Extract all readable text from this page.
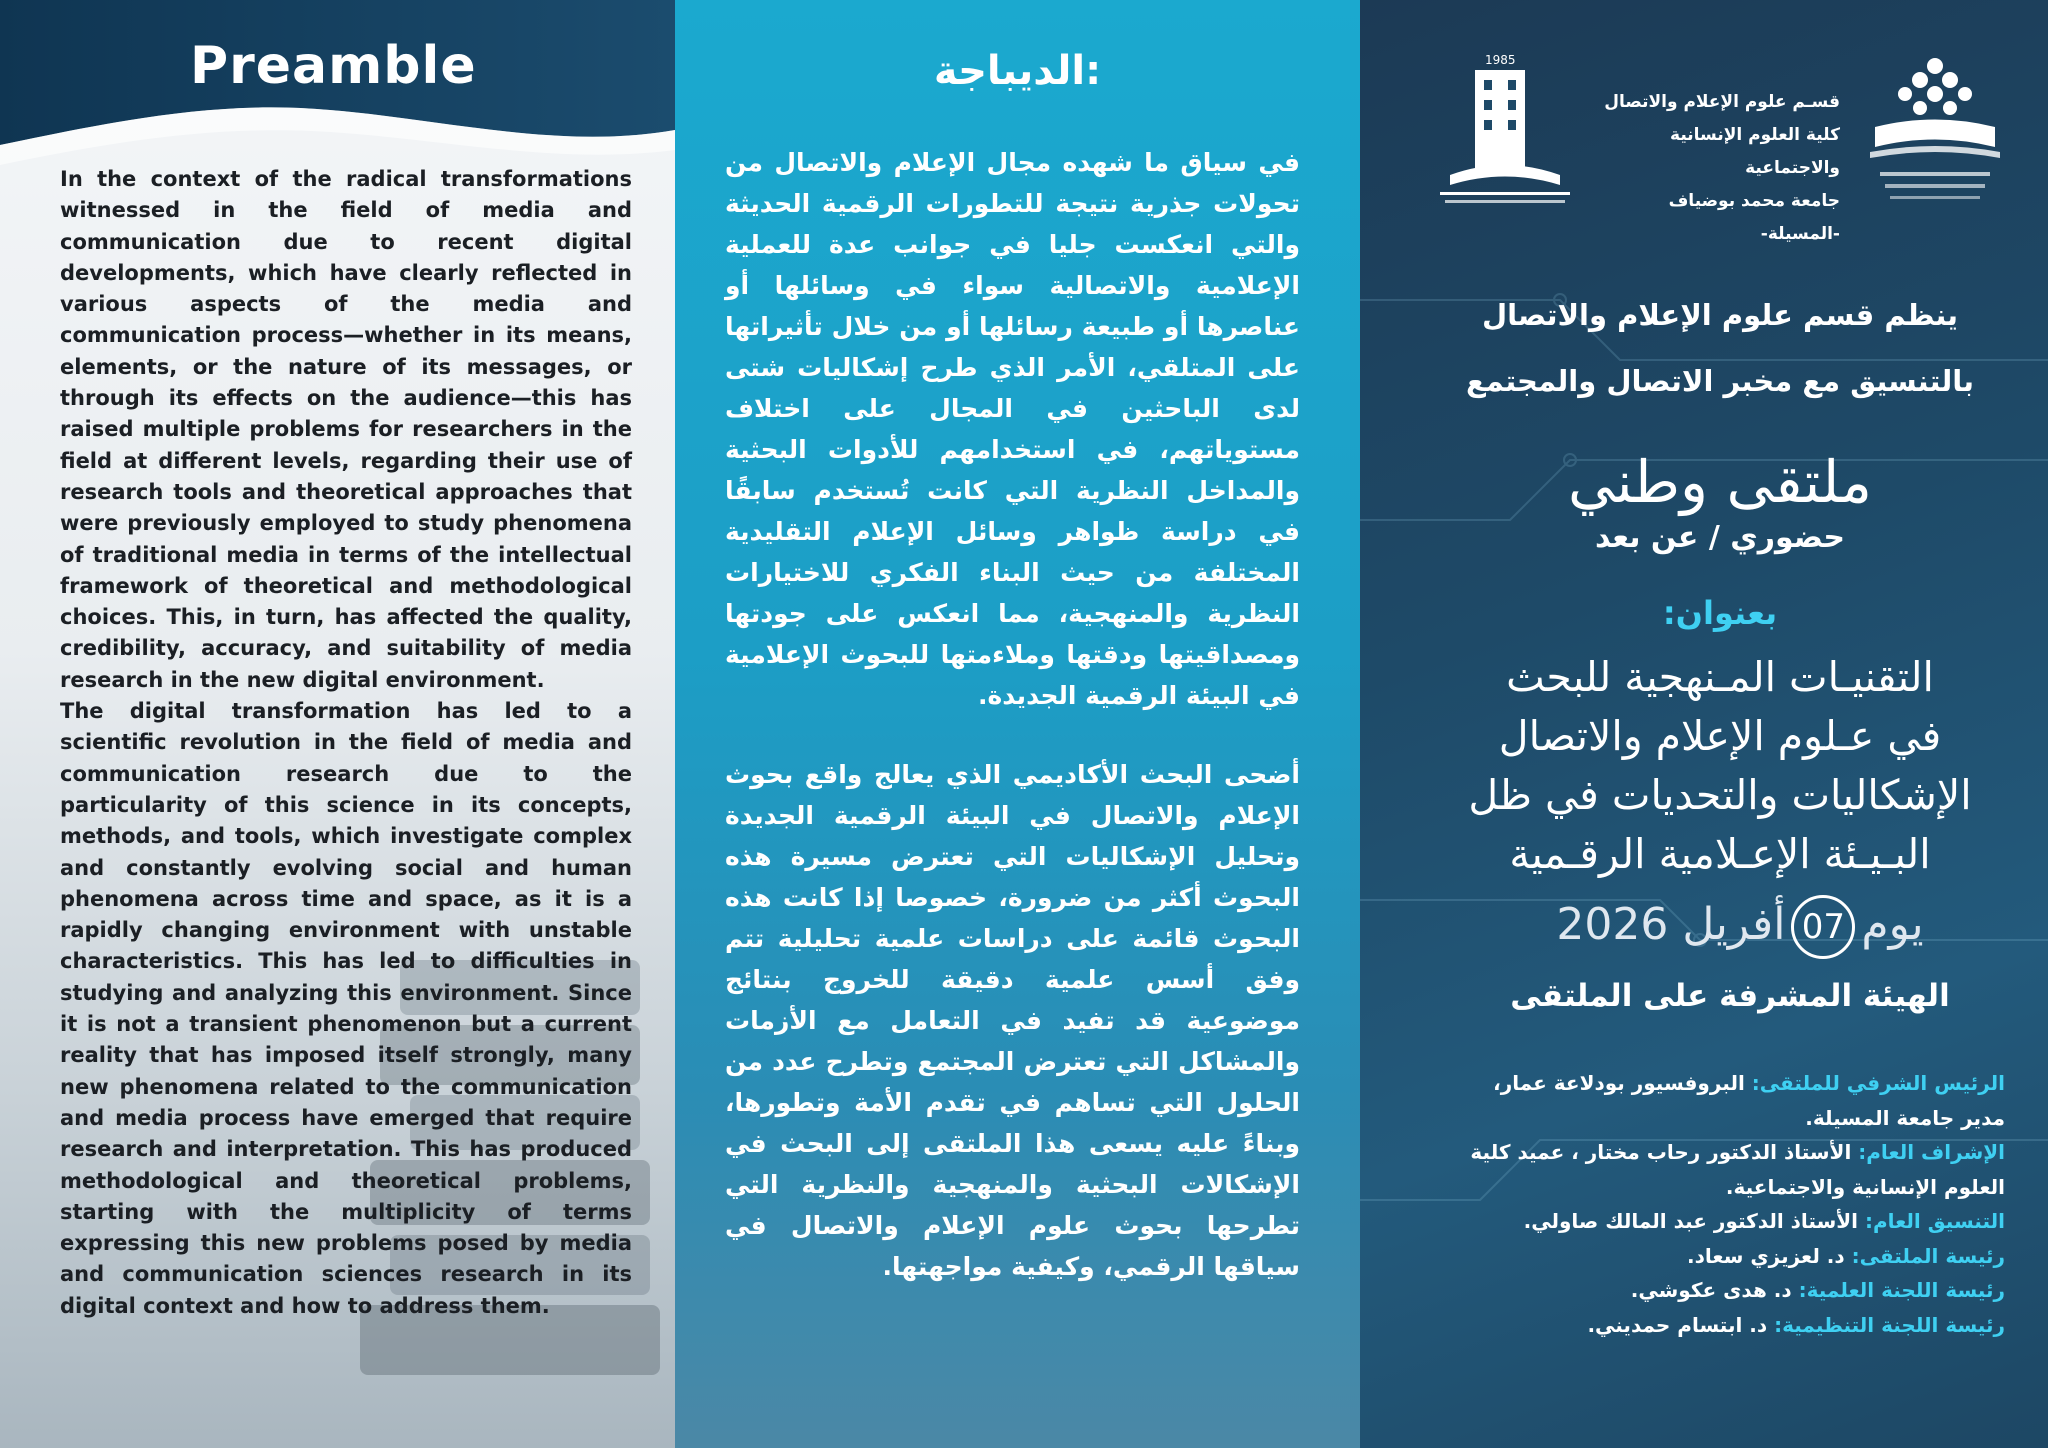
Preamble

In the context of the radical transformations witnessed in the field of media and communication due to recent digital developments, which have clearly reflected in various aspects of the media and communication process—whether in its means, elements, or the nature of its messages, or through its effects on the audience—this has raised multiple problems for researchers in the field at different levels, regarding their use of research tools and theoretical approaches that were previously employed to study phenomena of traditional media in terms of the intellectual framework of theoretical and methodological choices. This, in turn, has affected the quality, credibility, accuracy, and suitability of media research in the new digital environment.

The digital transformation has led to a scientific revolution in the field of media and communication research due to the particularity of this science in its concepts, methods, and tools, which investigate complex and constantly evolving social and human phenomena across time and space, as it is a rapidly changing environment with unstable characteristics. This has led to difficulties in studying and analyzing this environment. Since it is not a transient phenomenon but a current reality that has imposed itself strongly, many new phenomena related to the communication and media process have emerged that require research and interpretation. This has produced methodological and theoretical problems, starting with the multiplicity of terms expressing this new problems posed by media and communication sciences research in its digital context and how to address them.

الديباجة:

في سياق ما شهده مجال الإعلام والاتصال من تحولات جذرية نتيجة للتطورات الرقمية الحديثة والتي انعكست جليا في جوانب عدة للعملية الإعلامية والاتصالية سواء في وسائلها أو عناصرها أو طبيعة رسائلها أو من خلال تأثيراتها على المتلقي، الأمر الذي طرح إشكاليات شتى لدى الباحثين في المجال على اختلاف مستوياتهم، في استخدامهم للأدوات البحثية والمداخل النظرية التي كانت تُستخدم سابقًا في دراسة ظواهر وسائل الإعلام التقليدية المختلفة من حيث البناء الفكري للاختيارات النظرية والمنهجية، مما انعكس على جودتها ومصداقيتها ودقتها وملاءمتها للبحوث الإعلامية في البيئة الرقمية الجديدة.

أضحى البحث الأكاديمي الذي يعالج واقع بحوث الإعلام والاتصال في البيئة الرقمية الجديدة وتحليل الإشكاليات التي تعترض مسيرة هذه البحوث أكثر من ضرورة، خصوصا إذا كانت هذه البحوث قائمة على دراسات علمية تحليلية تتم وفق أسس علمية دقيقة للخروج بنتائج موضوعية قد تفيد في التعامل مع الأزمات والمشاكل التي تعترض المجتمع وتطرح عدد من الحلول التي تساهم في تقدم الأمة وتطورها، وبناءً عليه يسعى هذا الملتقى إلى البحث في الإشكالات البحثية والمنهجية والنظرية التي تطرحها بحوث علوم الإعلام والاتصال في سياقها الرقمي، وكيفية مواجهتها.

1985
قسـم علوم الإعلام والاتصال
كلية العلوم الإنسانية والاجتماعية
جامعة محمد بوضياف -المسيلة-
ينظم قسم علوم الإعلام والاتصال
بالتنسيق مع مخبر الاتصال والمجتمع
ملتقى وطني
حضوري / عن بعد
بعنوان:
التقنيـات المـنهجية للبحث
في عـلوم الإعلام والاتصال
الإشكاليات والتحديات في ظل
البـيـئة الإعـلامية الرقـمية
يوم07أفريل 2026
الهيئة المشرفة على الملتقى

الرئيس الشرفي للملتقى: البروفسيور بودلاعة عمار، مدير جامعة المسيلة.

الإشراف العام: الأستاذ الدكتور رحاب مختار ، عميد كلية العلوم الإنسانية والاجتماعية.

التنسيق العام: الأستاذ الدكتور عبد المالك صاولي.

رئيسة الملتقى: د. لعزيزي سعاد.

رئيسة اللجنة العلمية: د. هدى عكوشي.

رئيسة اللجنة التنظيمية: د. ابتسام حمديني.
